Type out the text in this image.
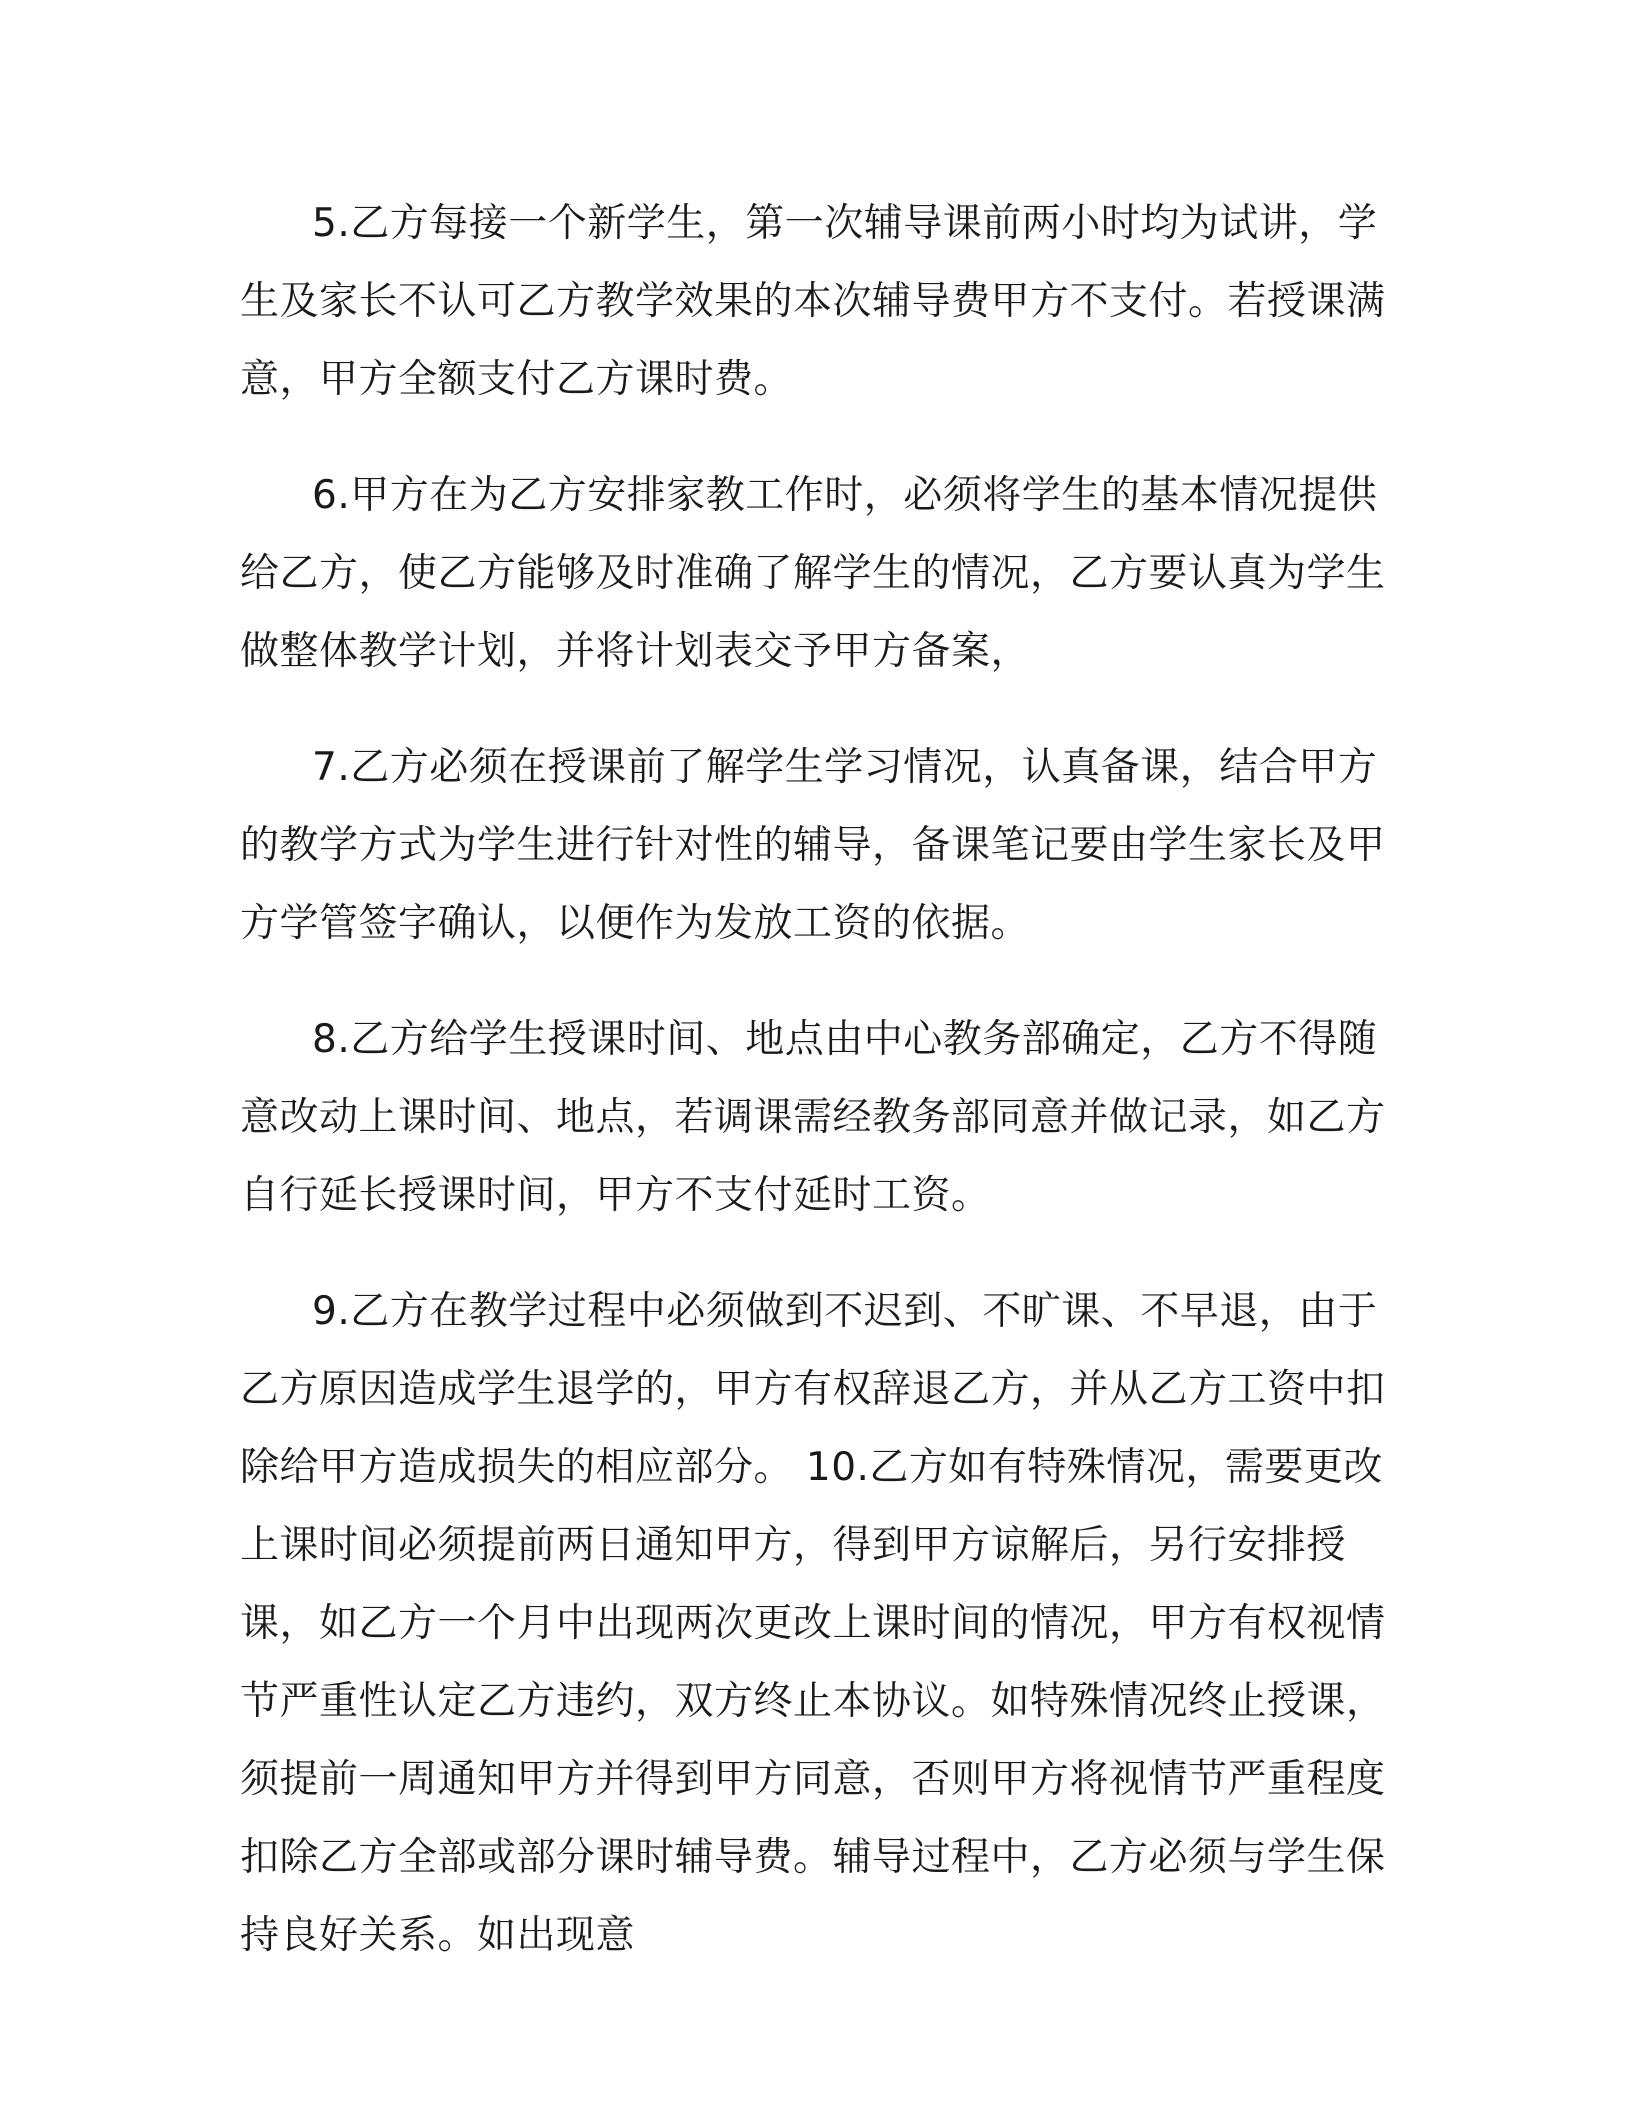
5.乙方每接一个新学生，第一次辅导课前两小时均为试讲，学生及家长不认可乙方教学效果的本次辅导费甲方不支付。若授课满意，甲方全额支付乙方课时费。

6.甲方在为乙方安排家教工作时，必须将学生的基本情况提供给乙方，使乙方能够及时准确了解学生的情况，乙方要认真为学生做整体教学计划，并将计划表交予甲方备案，

7.乙方必须在授课前了解学生学习情况，认真备课，结合甲方的教学方式为学生进行针对性的辅导，备课笔记要由学生家长及甲方学管签字确认，以便作为发放工资的依据。

8.乙方给学生授课时间、地点由中心教务部确定，乙方不得随意改动上课时间、地点，若调课需经教务部同意并做记录，如乙方自行延长授课时间，甲方不支付延时工资。

9.乙方在教学过程中必须做到不迟到、不旷课、不早退，由于乙方原因造成学生退学的，甲方有权辞退乙方，并从乙方工资中扣除给甲方造成损失的相应部分。 10.乙方如有特殊情况，需要更改上课时间必须提前两日通知甲方，得到甲方谅解后，另行安排授课，如乙方一个月中出现两次更改上课时间的情况，甲方有权视情节严重性认定乙方违约，双方终止本协议。如特殊情况终止授课，须提前一周通知甲方并得到甲方同意，否则甲方将视情节严重程度扣除乙方全部或部分课时辅导费。辅导过程中，乙方必须与学生保持良好关系。如出现意
